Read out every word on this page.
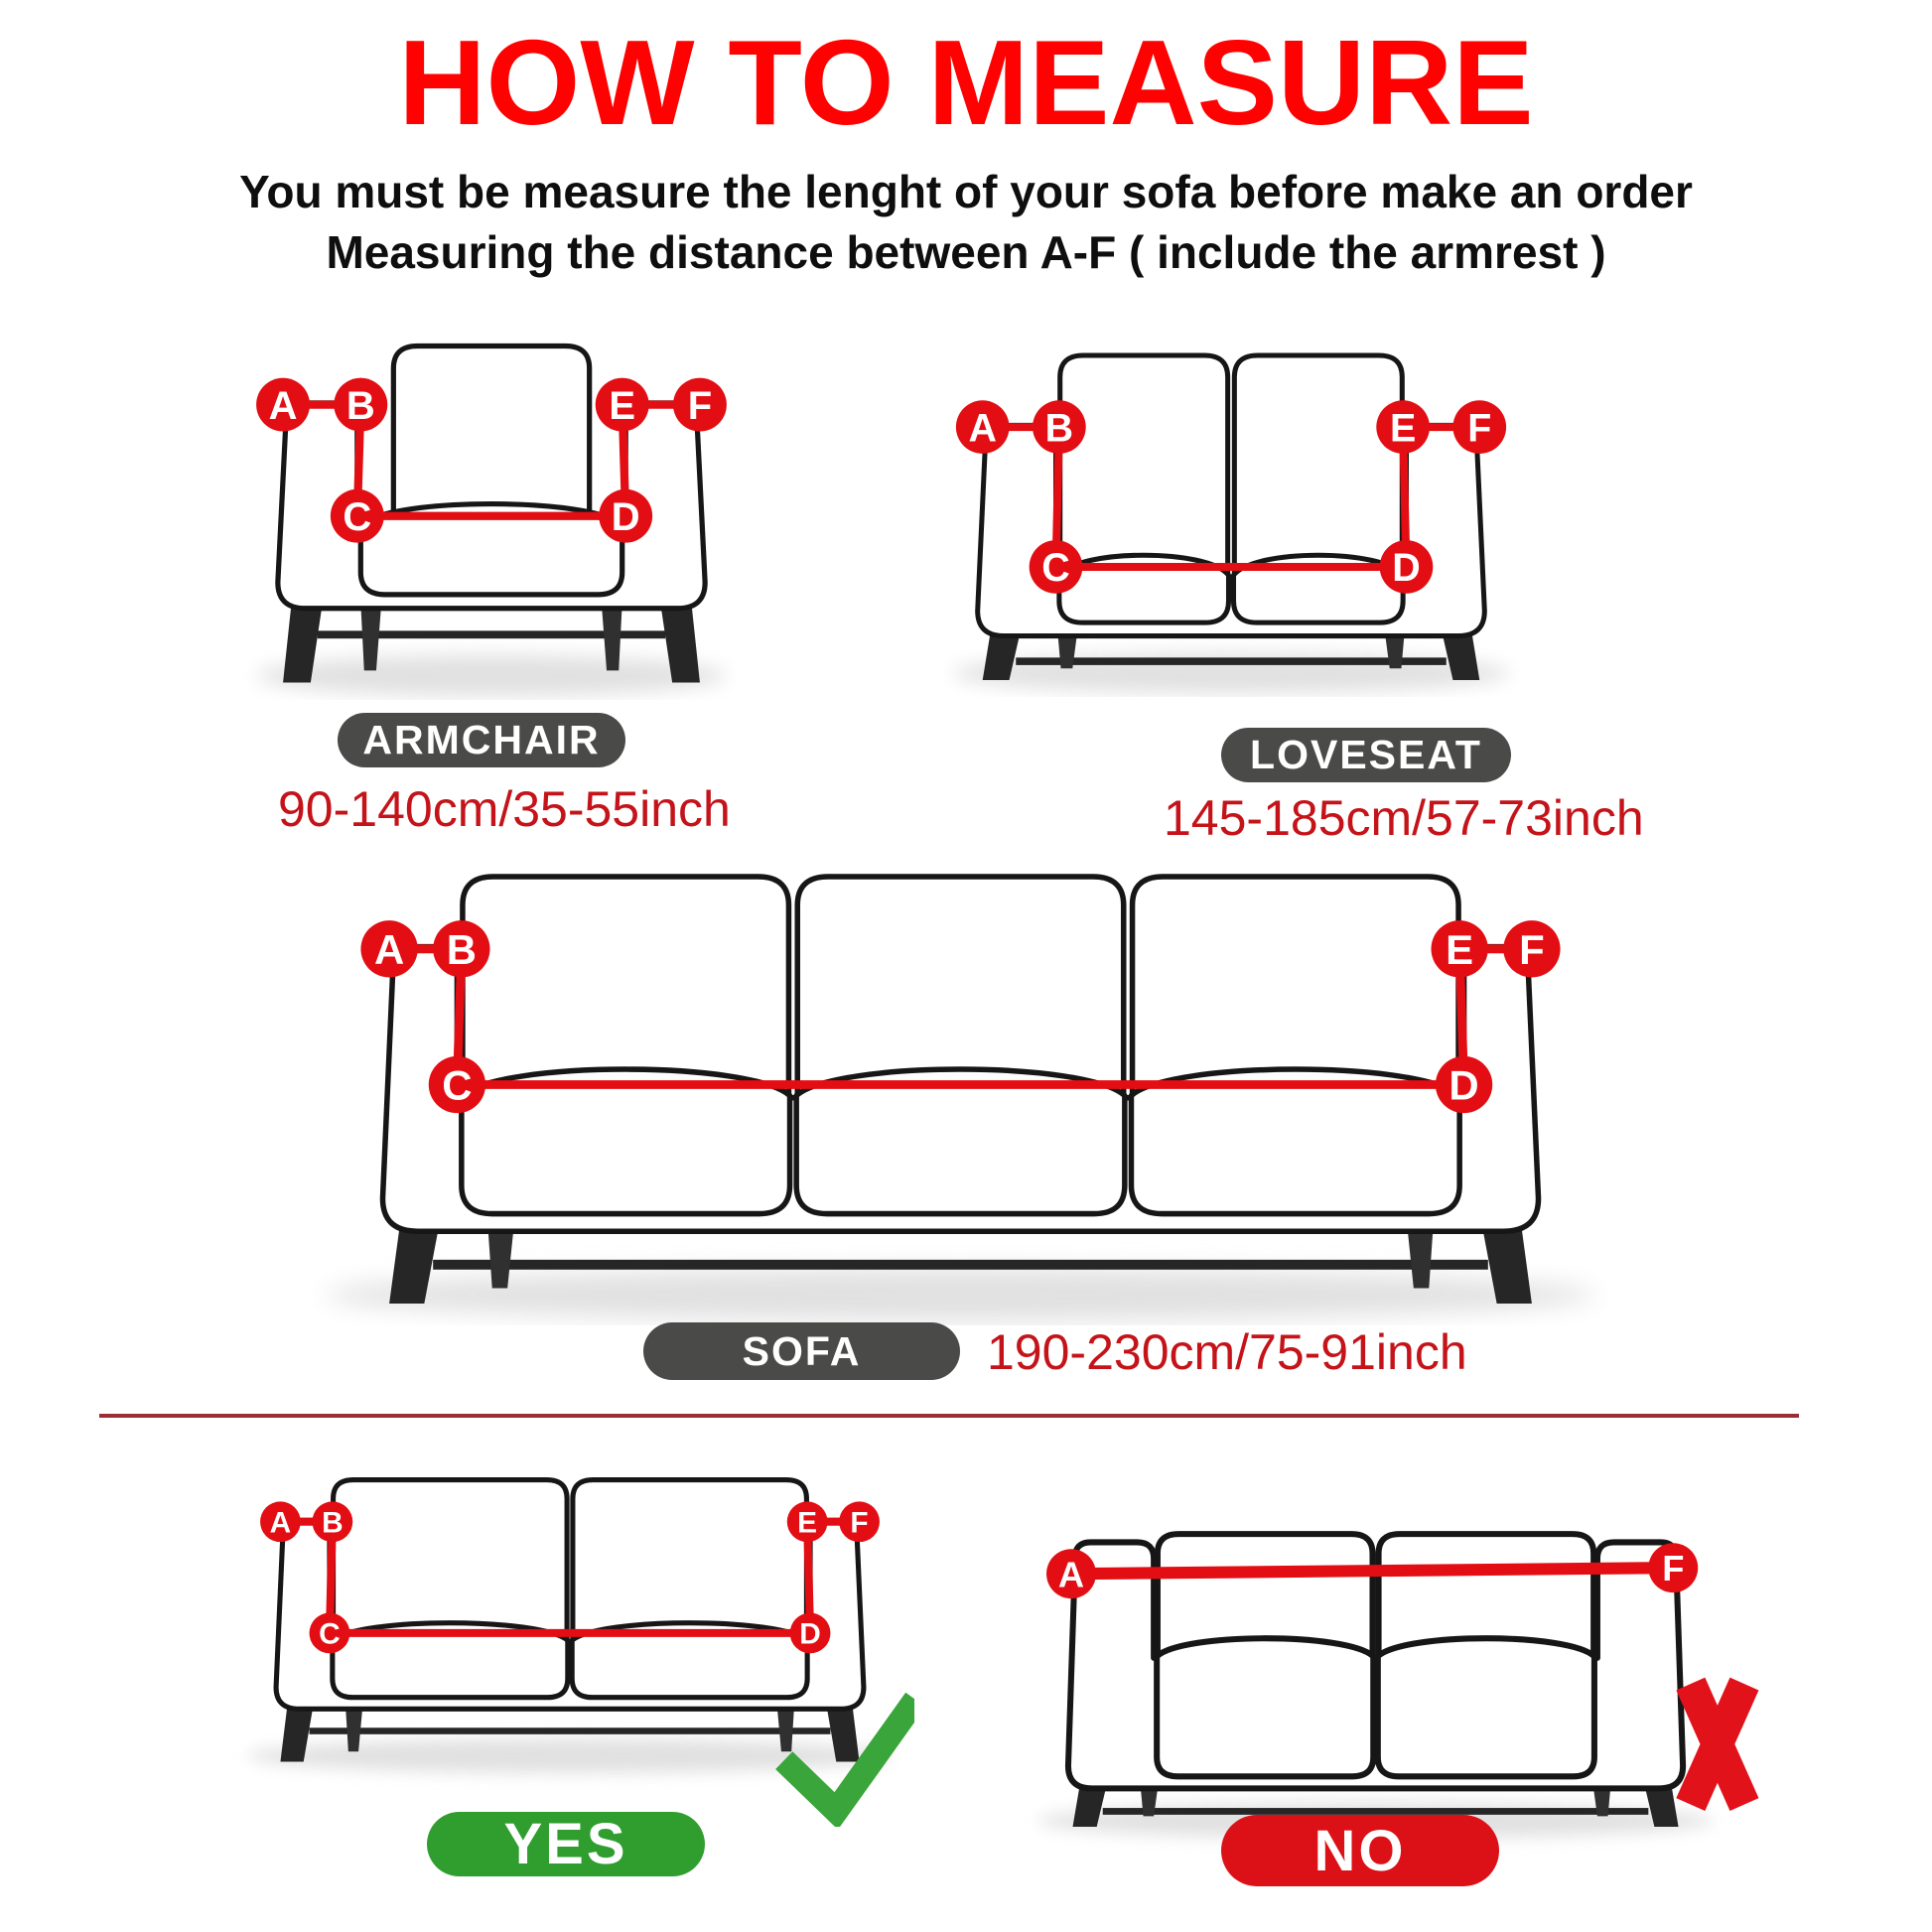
HOW TO MEASURE
You must be measure the lenght of your sofa before make an order
Measuring the distance between A-F ( include the armrest )
A B
C	D
E F
A B
C	D
E F
A B
C	D
E F
A B
C	D
E F
A	F
ARMCHAIR
90-140cm/35-55inch
LOVESEAT
145-185cm/57-73inch
SOFA	190-230cm/75-91inch
YES	NO
